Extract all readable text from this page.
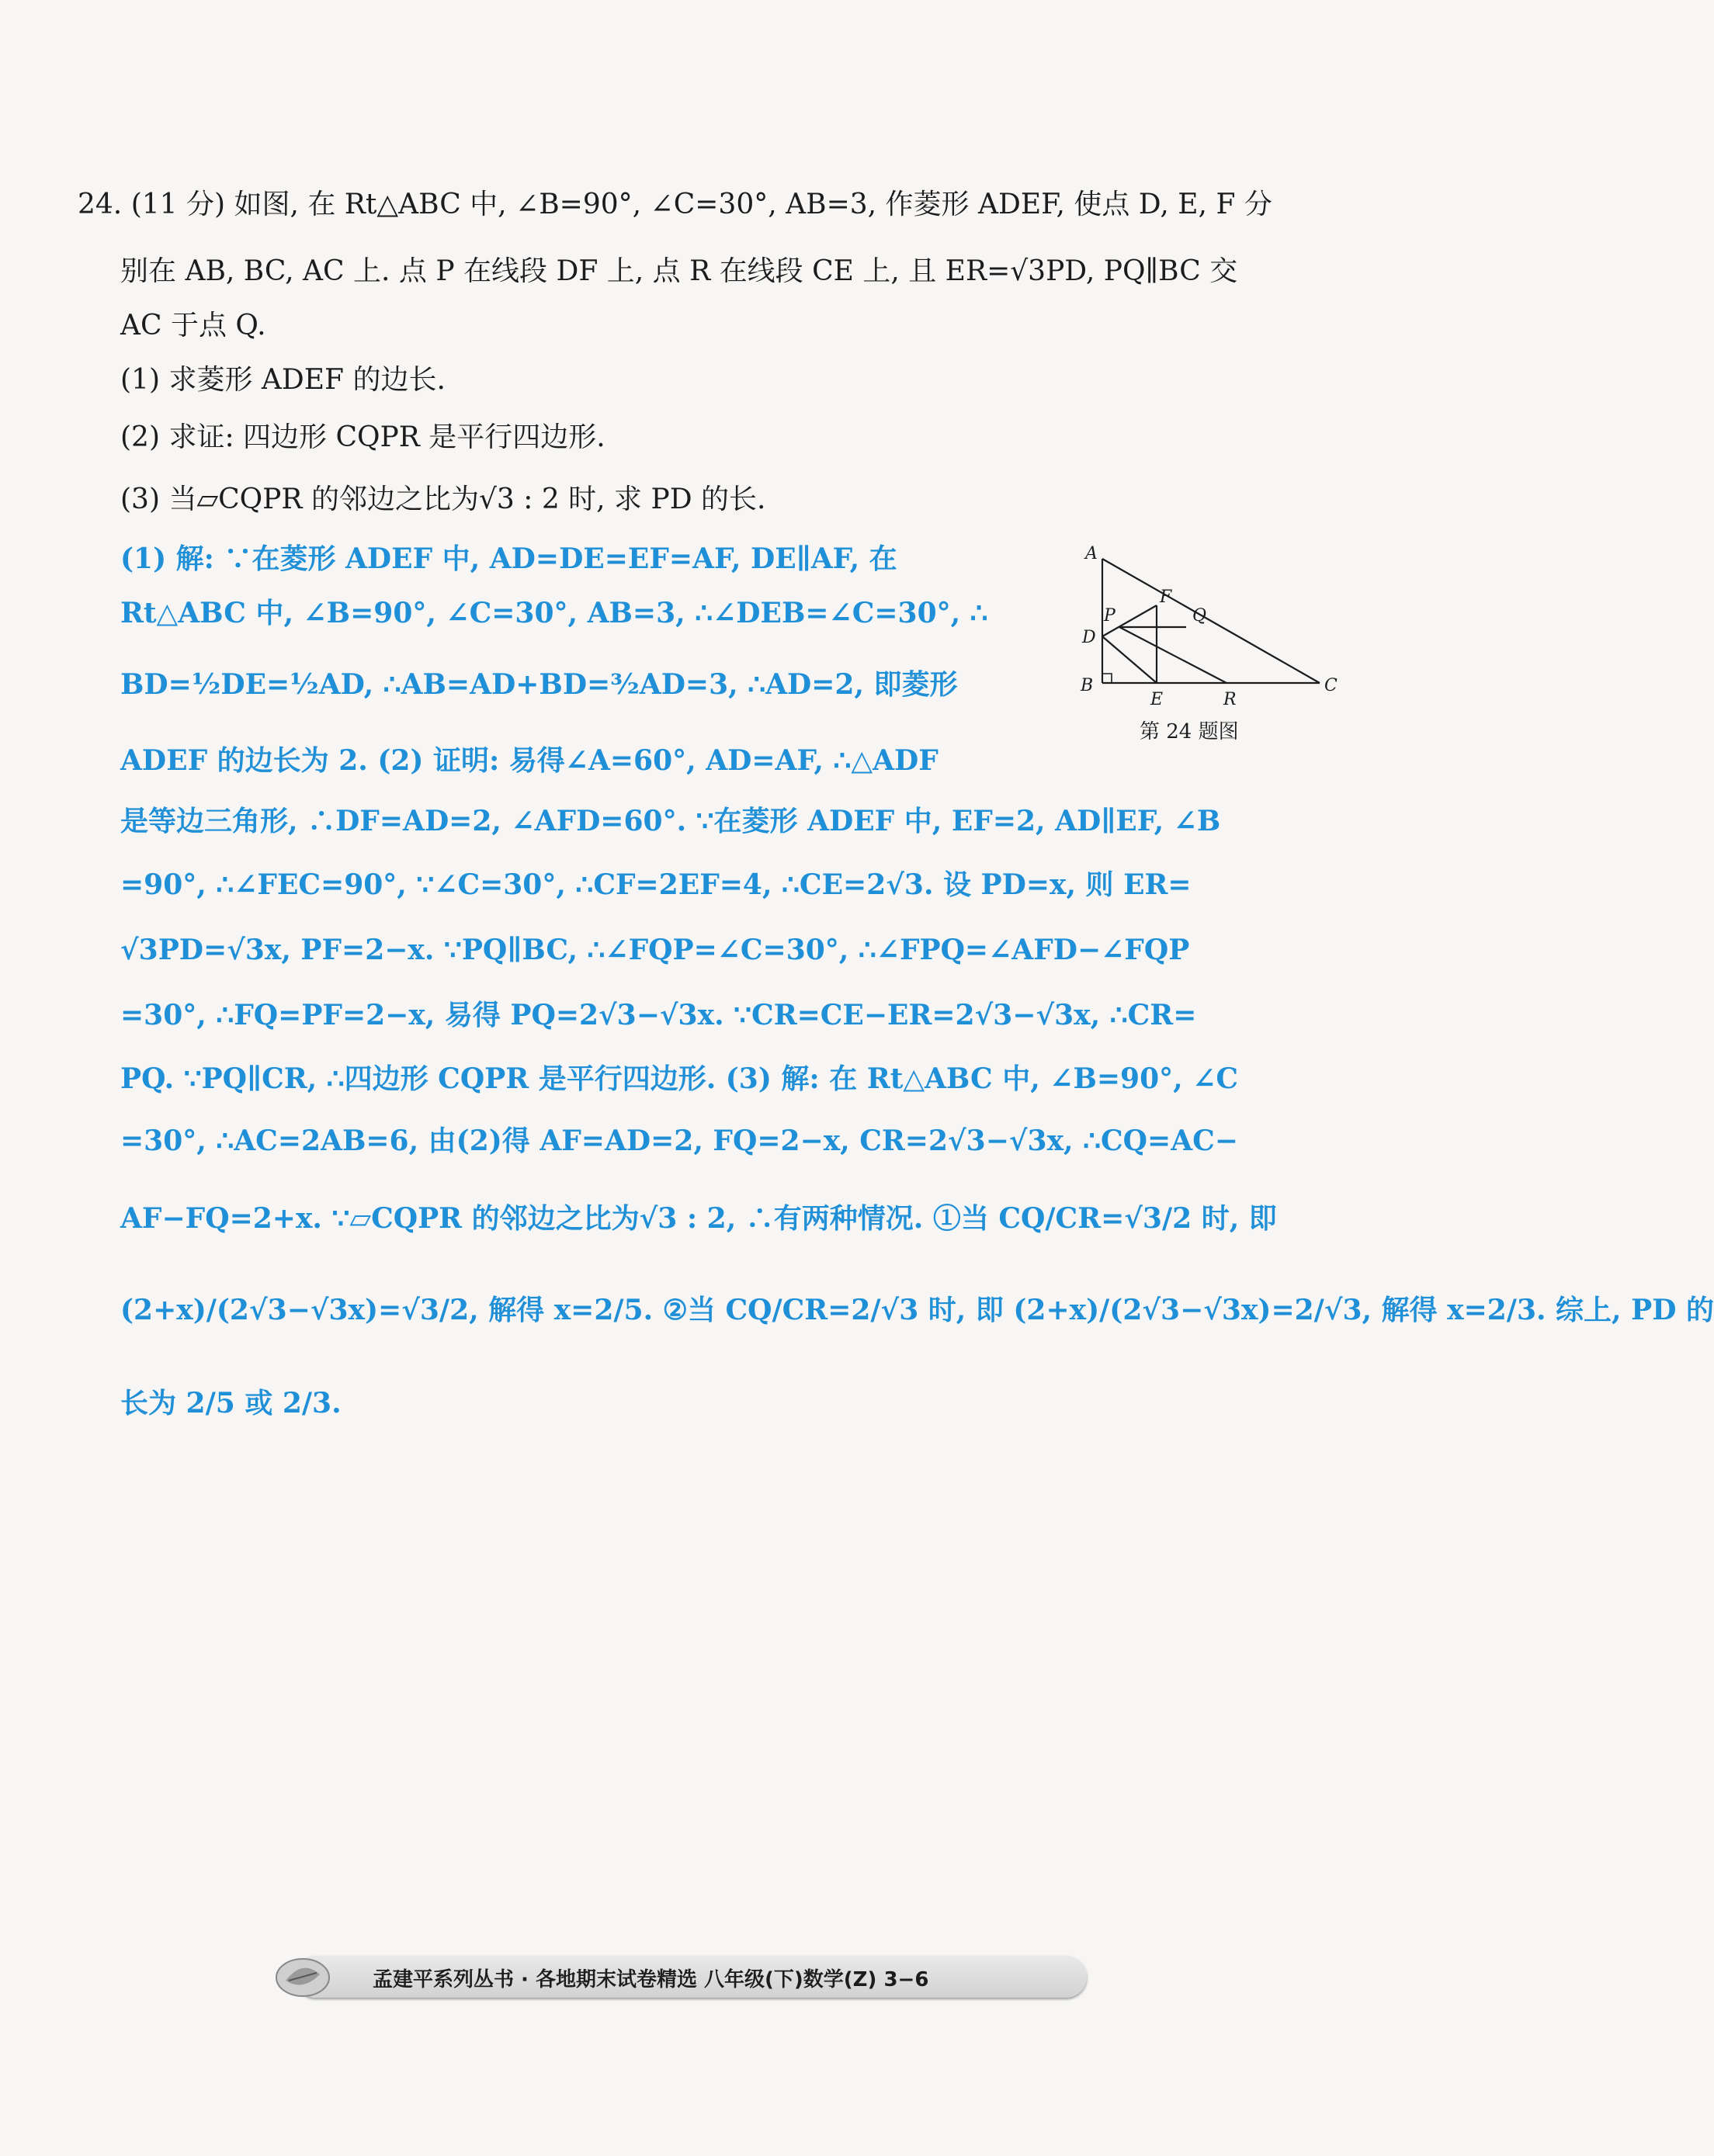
24. (11 分) 如图, 在 Rt△ABC 中, ∠B=90°, ∠C=30°, AB=3, 作菱形 ADEF, 使点 D, E, F 分
别在 AB, BC, AC 上. 点 P 在线段 DF 上, 点 R 在线段 CE 上, 且 ER=√3PD, PQ∥BC 交
AC 于点 Q.
(1) 求菱形 ADEF 的边长.
(2) 求证: 四边形 CQPR 是平行四边形.
(3) 当▱CQPR 的邻边之比为√3 : 2 时, 求 PD 的长.
(1) 解: ∵在菱形 ADEF 中, AD=DE=EF=AF, DE∥AF, 在
Rt△ABC 中, ∠B=90°, ∠C=30°, AB=3, ∴∠DEB=∠C=30°, ∴
BD=½DE=½AD, ∴AB=AD+BD=³⁄₂AD=3, ∴AD=2, 即菱形
ADEF 的边长为 2. (2) 证明: 易得∠A=60°, AD=AF, ∴△ADF
是等边三角形, ∴DF=AD=2, ∠AFD=60°. ∵在菱形 ADEF 中, EF=2, AD∥EF, ∠B
=90°, ∴∠FEC=90°, ∵∠C=30°, ∴CF=2EF=4, ∴CE=2√3. 设 PD=x, 则 ER=
√3PD=√3x, PF=2−x. ∵PQ∥BC, ∴∠FQP=∠C=30°, ∴∠FPQ=∠AFD−∠FQP
=30°, ∴FQ=PF=2−x, 易得 PQ=2√3−√3x. ∵CR=CE−ER=2√3−√3x, ∴CR=
PQ. ∵PQ∥CR, ∴四边形 CQPR 是平行四边形. (3) 解: 在 Rt△ABC 中, ∠B=90°, ∠C
=30°, ∴AC=2AB=6, 由(2)得 AF=AD=2, FQ=2−x, CR=2√3−√3x, ∴CQ=AC−
AF−FQ=2+x. ∵▱CQPR 的邻边之比为√3 : 2, ∴有两种情况. ①当 CQ/CR=√3/2 时, 即
(2+x)/(2√3−√3x)=√3/2, 解得 x=2/5. ②当 CQ/CR=2/√3 时, 即 (2+x)/(2√3−√3x)=2/√3, 解得 x=2/3. 综上, PD 的
长为 2/5 或 2/3.
A
B	C
D
E
F
P	Q
R
第 24 题图
孟建平系列丛书 · 各地期末试卷精选 八年级(下)数学(Z) 3−6
